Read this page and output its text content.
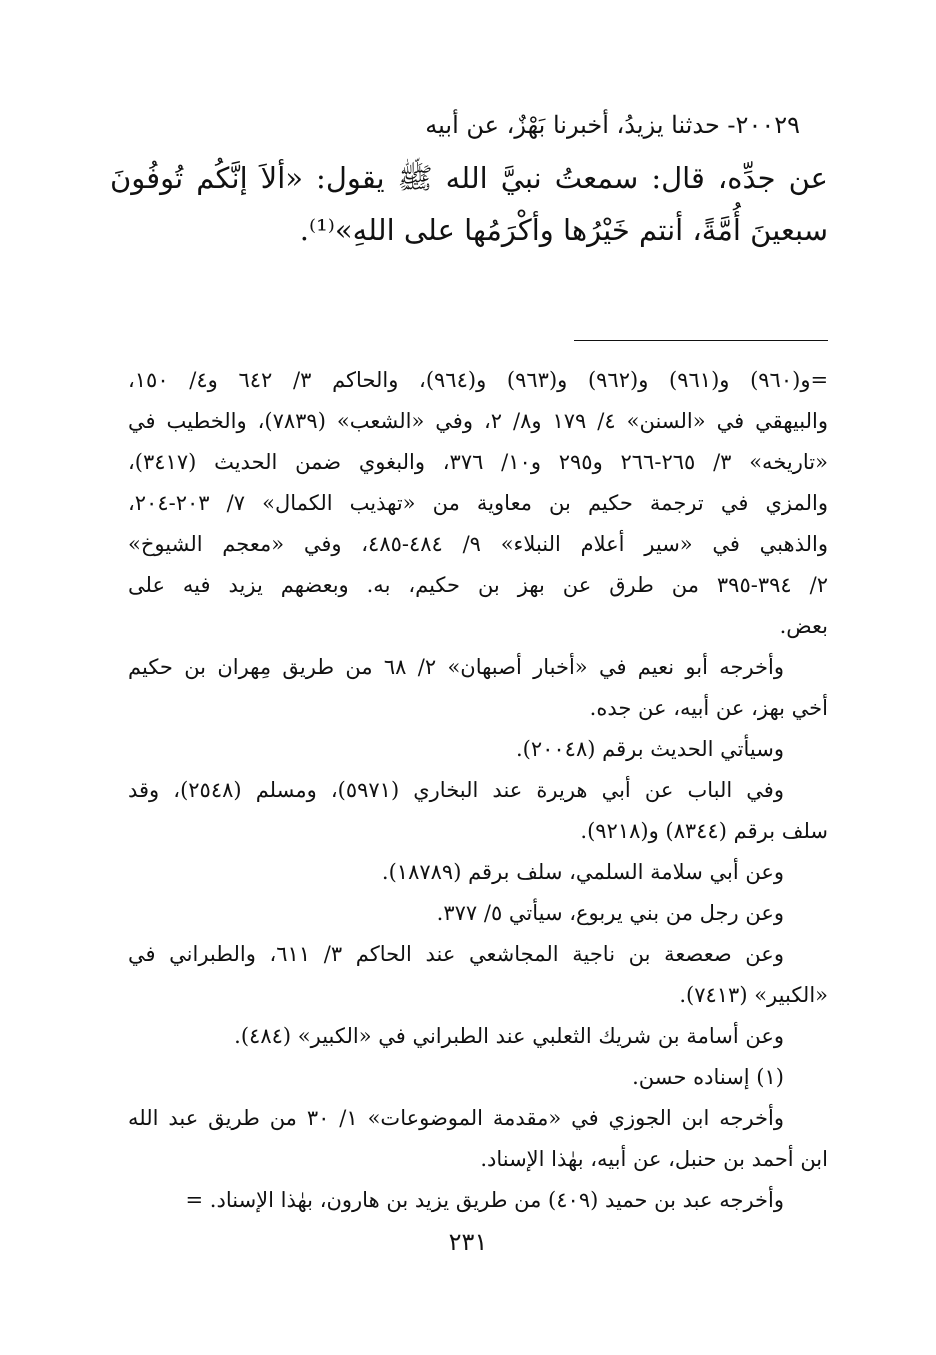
٢٠٠٢٩- حدثنا يزيدُ، أخبرنا بَهْزٌ، عن أبيه
عن جدِّه، قال: سمعتُ نبيَّ الله ﷺ يقول: «ألاَ إنَّكُم تُوفُونَ
سبعينَ أُمَّةً، أنتم خَيْرُها وأكْرَمُها على اللهِ»⁽¹⁾.
=و(٩٦٠) و(٩٦١) و(٩٦٢) و(٩٦٣) و(٩٦٤)، والحاكم ٣/ ٦٤٢ و٤/ ١٥٠،
والبيهقي في «السنن» ٤/ ١٧٩ و٨/ ٢، وفي «الشعب» (٧٨٣٩)، والخطيب في
«تاريخه» ٣/ ٢٦٥-٢٦٦ و٢٩٥ و١٠/ ٣٧٦، والبغوي ضمن الحديث (٣٤١٧)،
والمزي في ترجمة حكيم بن معاوية من «تهذيب الكمال» ٧/ ٢٠٣-٢٠٤،
والذهبي في «سير أعلام النبلاء» ٩/ ٤٨٤-٤٨٥، وفي «معجم الشيوخ»
٢/ ٣٩٤-٣٩٥ من طرق عن بهز بن حكيم، به. وبعضهم يزيد فيه على
بعض.
وأخرجه أبو نعيم في «أخبار أصبهان» ٢/ ٦٨ من طريق مِهران بن حكيم
أخي بهز، عن أبيه، عن جده.
وسيأتي الحديث برقم (٢٠٠٤٨).
وفي الباب عن أبي هريرة عند البخاري (٥٩٧١)، ومسلم (٢٥٤٨)، وقد
سلف برقم (٨٣٤٤) و(٩٢١٨).
وعن أبي سلامة السلمي، سلف برقم (١٨٧٨٩).
وعن رجل من بني يربوع، سيأتي ٥/ ٣٧٧.
وعن صعصعة بن ناجية المجاشعي عند الحاكم ٣/ ٦١١، والطبراني في
«الكبير» (٧٤١٣).
وعن أسامة بن شريك الثعلبي عند الطبراني في «الكبير» (٤٨٤).
(١) إسناده حسن.
وأخرجه ابن الجوزي في «مقدمة الموضوعات» ١/ ٣٠ من طريق عبد الله
ابن أحمد بن حنبل، عن أبيه، بهٰذا الإسناد.
وأخرجه عبد بن حميد (٤٠٩) من طريق يزيد بن هارون، بهٰذا الإسناد. =
٢٣١
